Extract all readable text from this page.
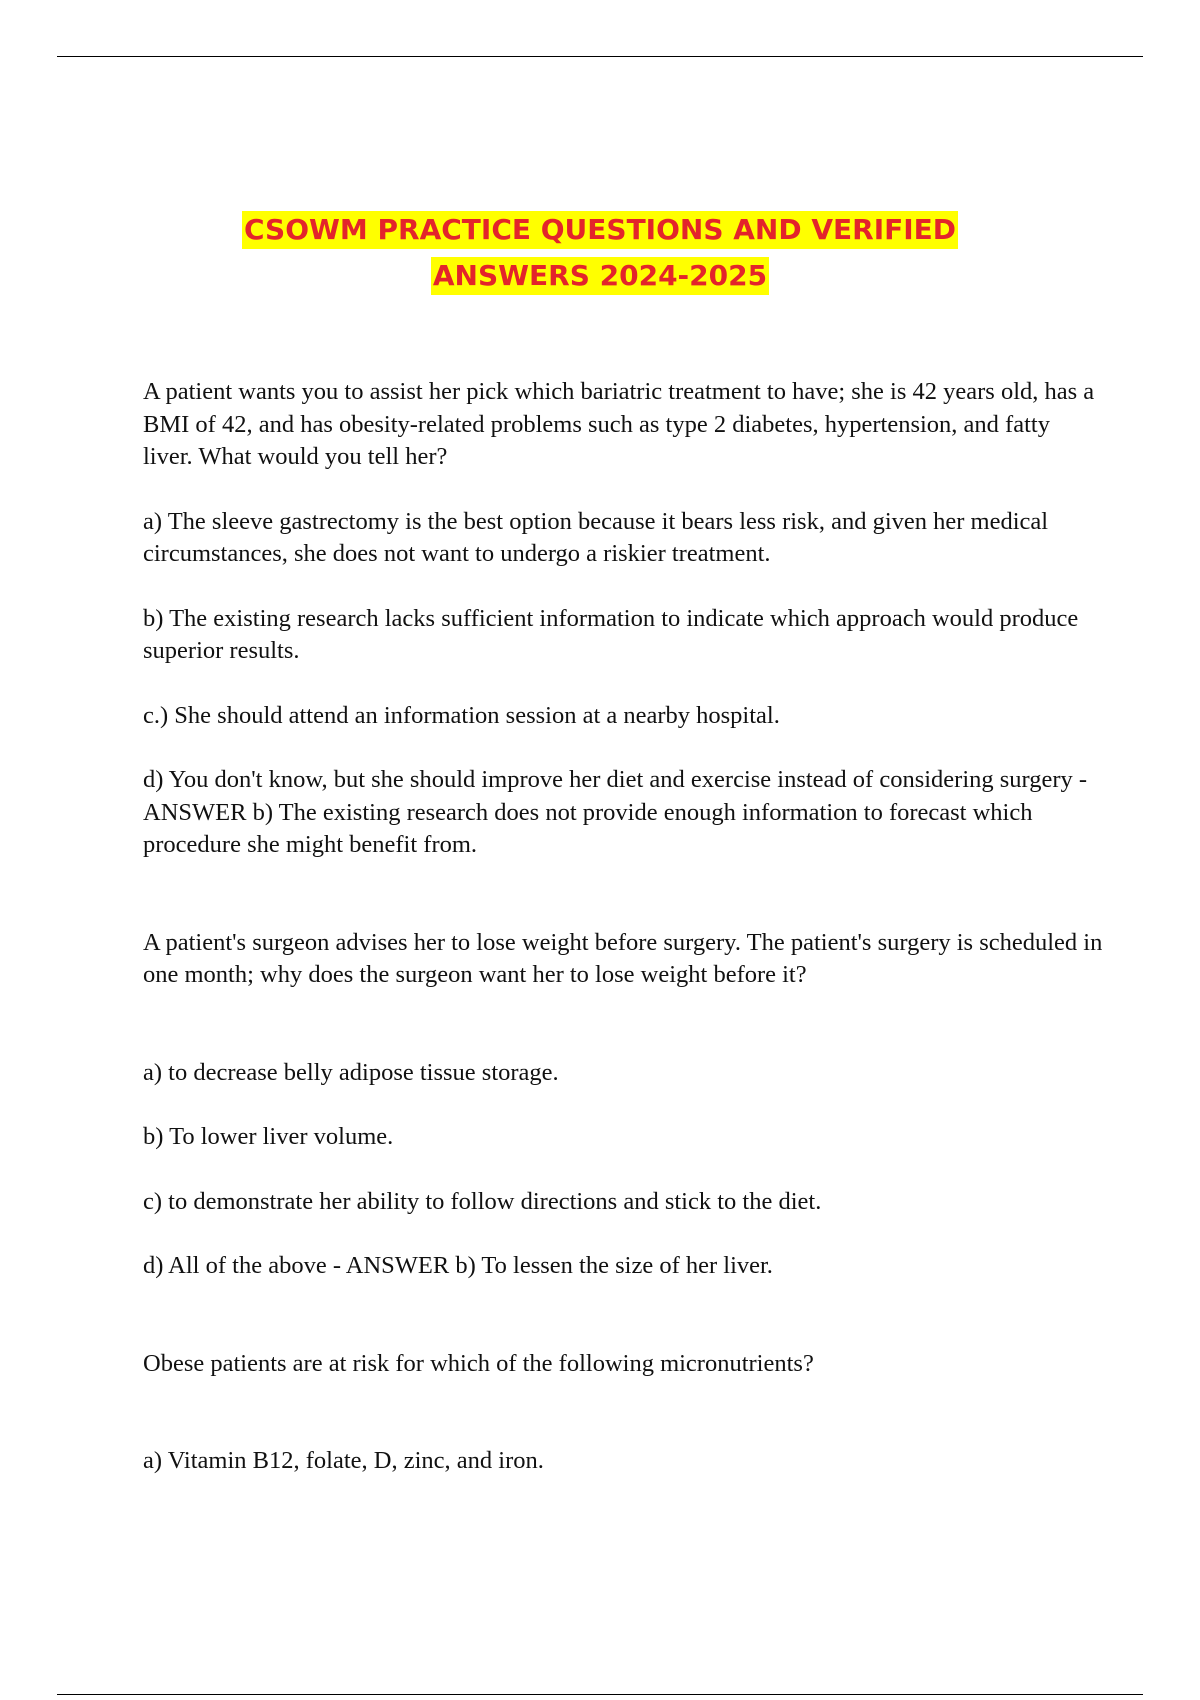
CSOWM PRACTICE QUESTIONS AND VERIFIED
ANSWERS 2024-2025

A patient wants you to assist her pick which bariatric treatment to have; she is 42 years old, has a BMI of 42, and has obesity-related problems such as type 2 diabetes, hypertension, and fatty liver. What would you tell her?

a) The sleeve gastrectomy is the best option because it bears less risk, and given her medical circumstances, she does not want to undergo a riskier treatment.

b) The existing research lacks sufficient information to indicate which approach would produce superior results.

c.) She should attend an information session at a nearby hospital.

d) You don't know, but she should improve her diet and exercise instead of considering surgery - ANSWER b) The existing research does not provide enough information to forecast which procedure she might benefit from.

A patient's surgeon advises her to lose weight before surgery. The patient's surgery is scheduled in one month; why does the surgeon want her to lose weight before it?

a) to decrease belly adipose tissue storage.

b) To lower liver volume.

c) to demonstrate her ability to follow directions and stick to the diet.

d) All of the above - ANSWER b) To lessen the size of her liver.

Obese patients are at risk for which of the following micronutrients?

a) Vitamin B12, folate, D, zinc, and iron.
